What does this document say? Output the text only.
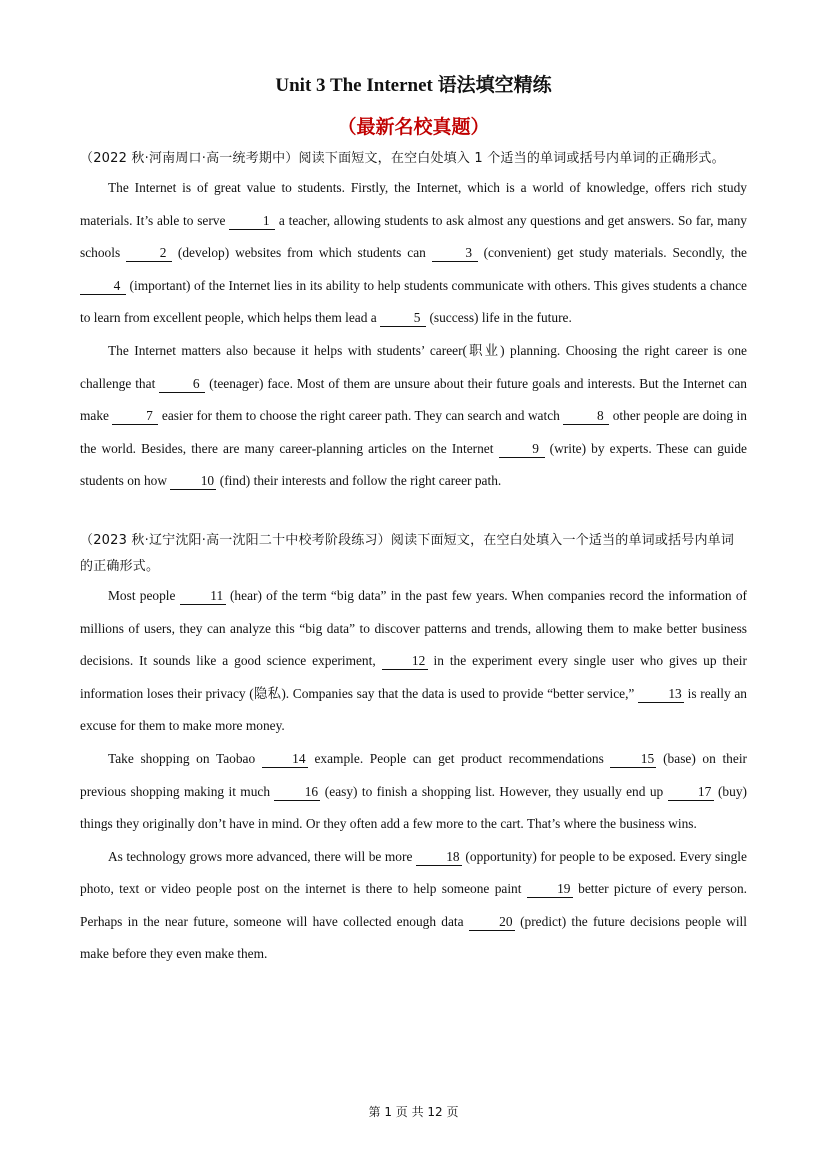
Unit 3 The Internet 语法填空精练
（最新名校真题）

（2022 秋·河南周口·高一统考期中）阅读下面短文，在空白处填入 1 个适当的单词或括号内单词的正确形式。

The Internet is of great value to students. Firstly, the Internet, which is a world of knowledge, offers rich study materials. It’s able to serve	1 a teacher, allowing students to ask almost any questions and get answers. So far, many schools	2 (develop) websites from which students can	3 (convenient) get study materials. Secondly, the 4 (important) of the Internet lies in its ability to help students communicate with others. This gives students a chance to learn from excellent people, which helps them lead a	5 (success) life in the future.

The Internet matters also because it helps with students’ career(职业) planning. Choosing the right career is one challenge that	6 (teenager) face. Most of them are unsure about their future goals and interests. But the Internet can make	7 easier for them to choose the right career path. They can search and watch	8 other people are doing in the world. Besides, there are many career-planning articles on the Internet	9 (write) by experts. These can guide students on how	10 (find) their interests and follow the right career path.

（2023 秋·辽宁沈阳·高一沈阳二十中校考阶段练习）阅读下面短文，在空白处填入一个适当的单词或括号内单词的正确形式。

Most people	11 (hear) of the term “big data” in the past few years. When companies record the information of millions of users, they can analyze this “big data” to discover patterns and trends, allowing them to make better business decisions. It sounds like a good science experiment,	12 in the experiment every single user who gives up their information loses their privacy (隐私). Companies say that the data is used to provide “better service,”	13 is really an excuse for them to make more money.

Take shopping on Taobao	14 example. People can get product recommendations	15 (base) on their previous shopping making it much	16 (easy) to finish a shopping list. However, they usually end up	17 (buy) things they originally don’t have in mind. Or they often add a few more to the cart. That’s where the business wins.

As technology grows more advanced, there will be more	18 (opportunity) for people to be exposed. Every single photo, text or video people post on the internet is there to help someone paint	19 better picture of every person. Perhaps in the near future, someone will have collected enough data	20 (predict) the future decisions people will make before they even make them.

第 1 页 共 12 页
